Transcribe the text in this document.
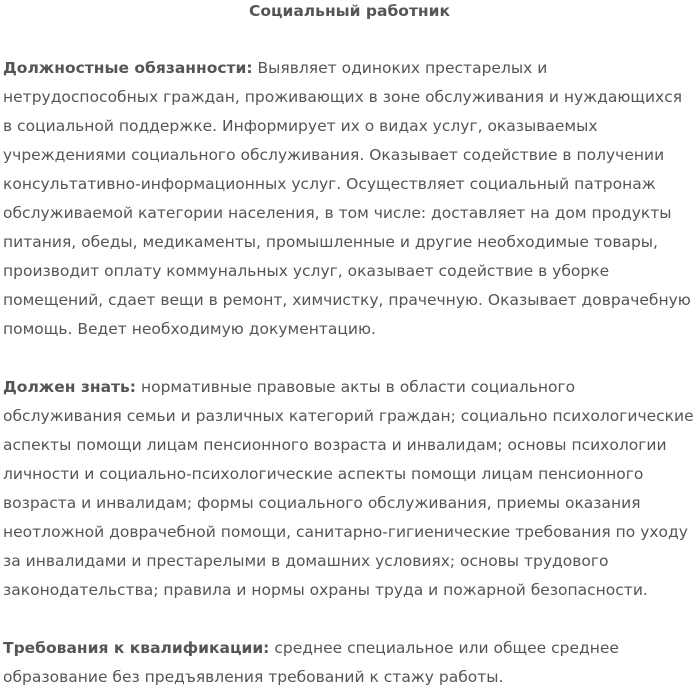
Социальный работник

Должностные обязанности: Выявляет одиноких престарелых и нетрудоспособных граждан, проживающих в зоне обслуживания и нуждающихся в социальной поддержке. Информирует их о видах услуг, оказываемых учреждениями социального обслуживания. Оказывает содействие в получении консультативно-информационных услуг. Осуществляет социальный патронаж обслуживаемой категории населения, в том числе: доставляет на дом продукты питания, обеды, медикаменты, промышленные и другие необходимые товары, производит оплату коммунальных услуг, оказывает содействие в уборке помещений, сдает вещи в ремонт, химчистку, прачечную. Оказывает доврачебную помощь. Ведет необходимую документацию.

Должен знать: нормативные правовые акты в области социального обслуживания семьи и различных категорий граждан; социально психологические аспекты помощи лицам пенсионного возраста и инвалидам; основы психологии личности и социально-психологические аспекты помощи лицам пенсионного возраста и инвалидам; формы социального обслуживания, приемы оказания неотложной доврачебной помощи, санитарно-гигиенические требования по уходу за инвалидами и престарелыми в домашних условиях; основы трудового законодательства; правила и нормы охраны труда и пожарной безопасности.

Требования к квалификации: среднее специальное или общее среднее образование без предъявления требований к стажу работы.
